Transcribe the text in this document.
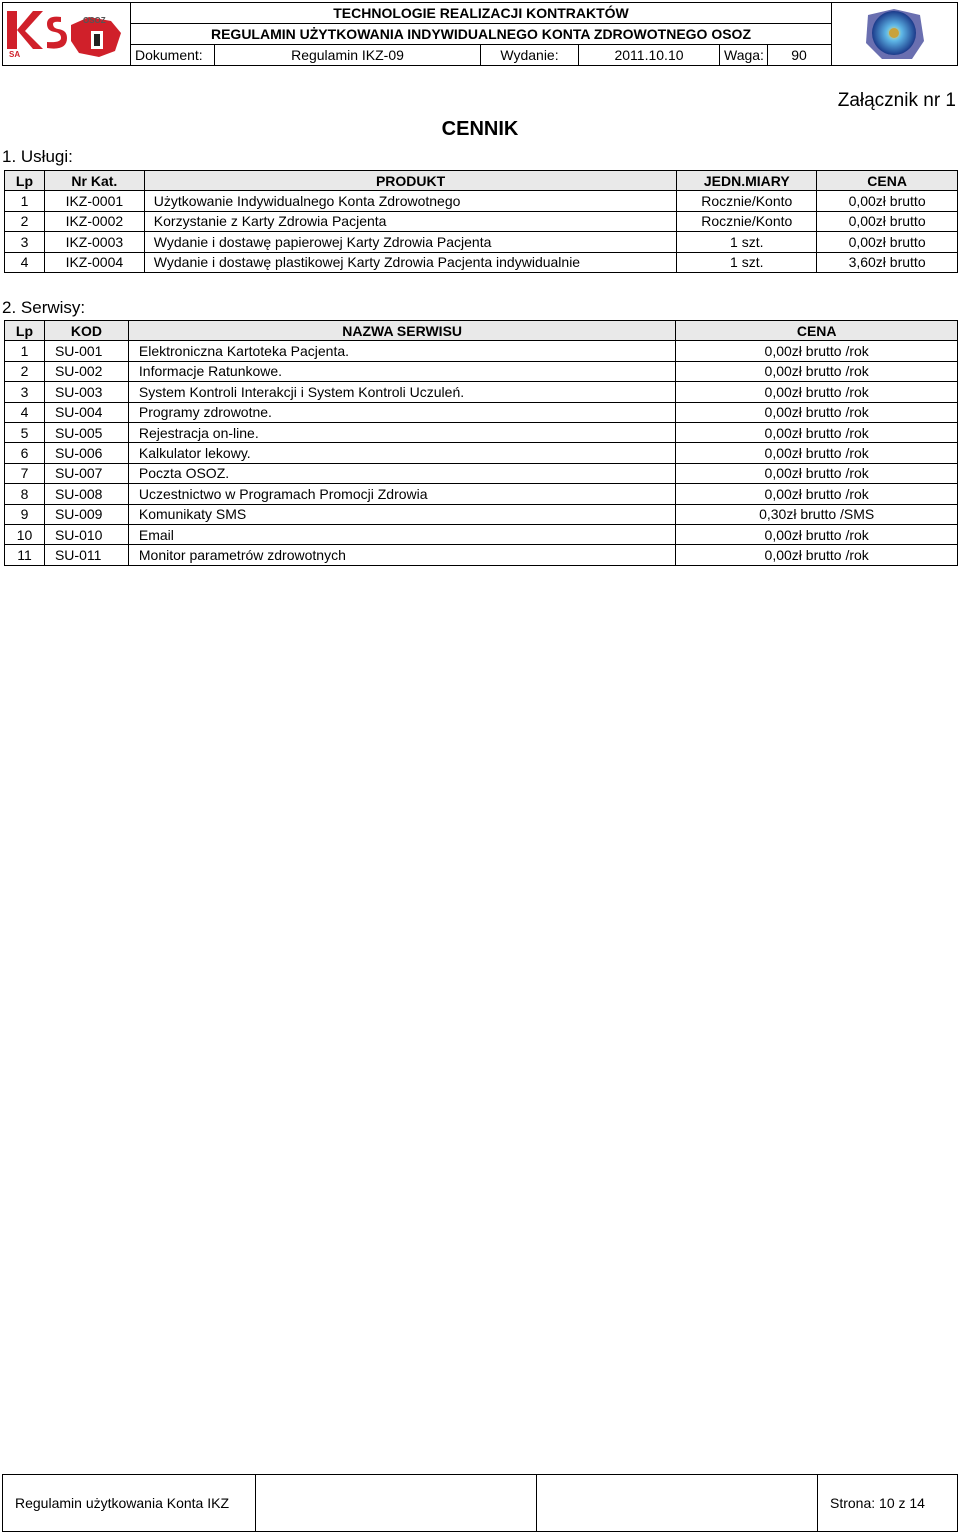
SA
OSOZ	TECHNOLOGIE REALIZACJI KONTRAKTÓW
REGULAMIN UŻYTKOWANIA INDYWIDUALNEGO KONTA ZDROWOTNEGO OSOZ
Dokument:	Regulamin IKZ-09	Wydanie:	2011.10.10	Waga:	90
Załącznik nr 1
CENNIK
1. Usługi:
Lp	Nr Kat.	PRODUKT	JEDN.MIARY	CENA
1	IKZ-0001	Użytkowanie Indywidualnego Konta Zdrowotnego	Rocznie/Konto	0,00zł brutto
2	IKZ-0002	Korzystanie z Karty Zdrowia Pacjenta	Rocznie/Konto	0,00zł brutto
3	IKZ-0003	Wydanie i dostawę papierowej Karty Zdrowia Pacjenta	1 szt.	0,00zł brutto
4	IKZ-0004	Wydanie i dostawę plastikowej Karty Zdrowia Pacjenta indywidualnie	1 szt.	3,60zł brutto
2. Serwisy:
Lp	KOD	NAZWA SERWISU	CENA
1	SU-001	Elektroniczna Kartoteka Pacjenta.	0,00zł brutto /rok
2	SU-002	Informacje Ratunkowe.	0,00zł brutto /rok
3	SU-003	System Kontroli Interakcji i System Kontroli Uczuleń.	0,00zł brutto /rok
4	SU-004	Programy zdrowotne.	0,00zł brutto /rok
5	SU-005	Rejestracja on-line.	0,00zł brutto /rok
6	SU-006	Kalkulator lekowy.	0,00zł brutto /rok
7	SU-007	Poczta OSOZ.	0,00zł brutto /rok
8	SU-008	Uczestnictwo w Programach Promocji Zdrowia	0,00zł brutto /rok
9	SU-009	Komunikaty SMS	0,30zł brutto /SMS
10	SU-010	Email	0,00zł brutto /rok
11	SU-011	Monitor parametrów zdrowotnych	0,00zł brutto /rok
Regulamin użytkowania Konta IKZ	Strona: 10 z 14
